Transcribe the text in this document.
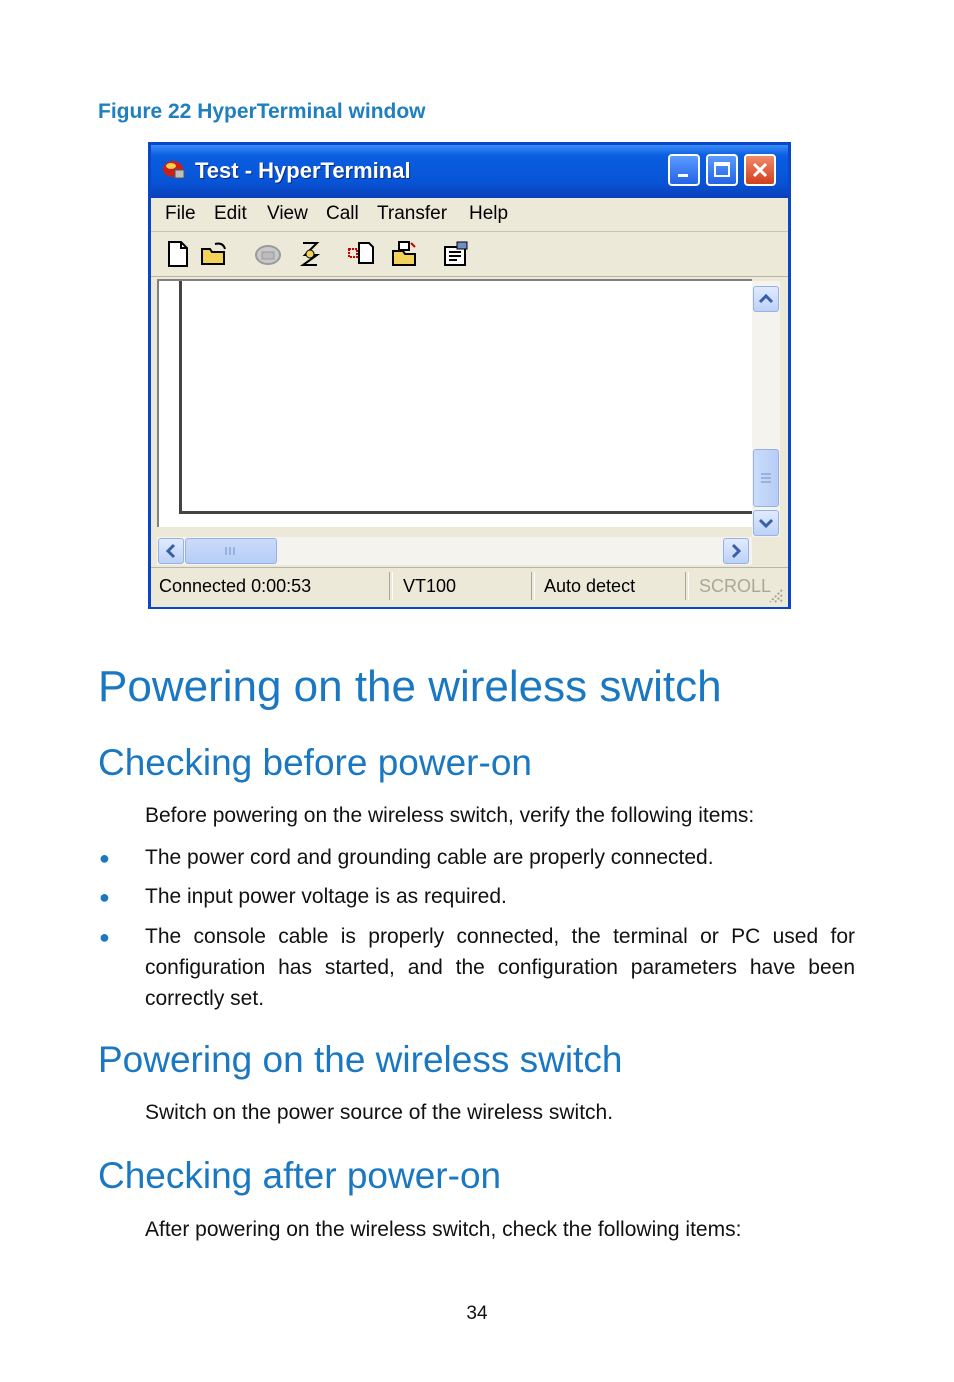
Figure 22 HyperTerminal window
Test - HyperTerminal
File Edit View Call Transfer Help
Connected 0:00:53	VT100	Auto detect	SCROLL
Powering on the wireless switch
Checking before power-on
Before powering on the wireless switch, verify the following items:
● The power cord and grounding cable are properly connected.
● The input power voltage is as required.
● The console cable is properly connected, the terminal or PC used for configuration has started, and the configuration parameters have been correctly set.
Powering on the wireless switch
Switch on the power source of the wireless switch.
Checking after power-on
After powering on the wireless switch, check the following items:
34
